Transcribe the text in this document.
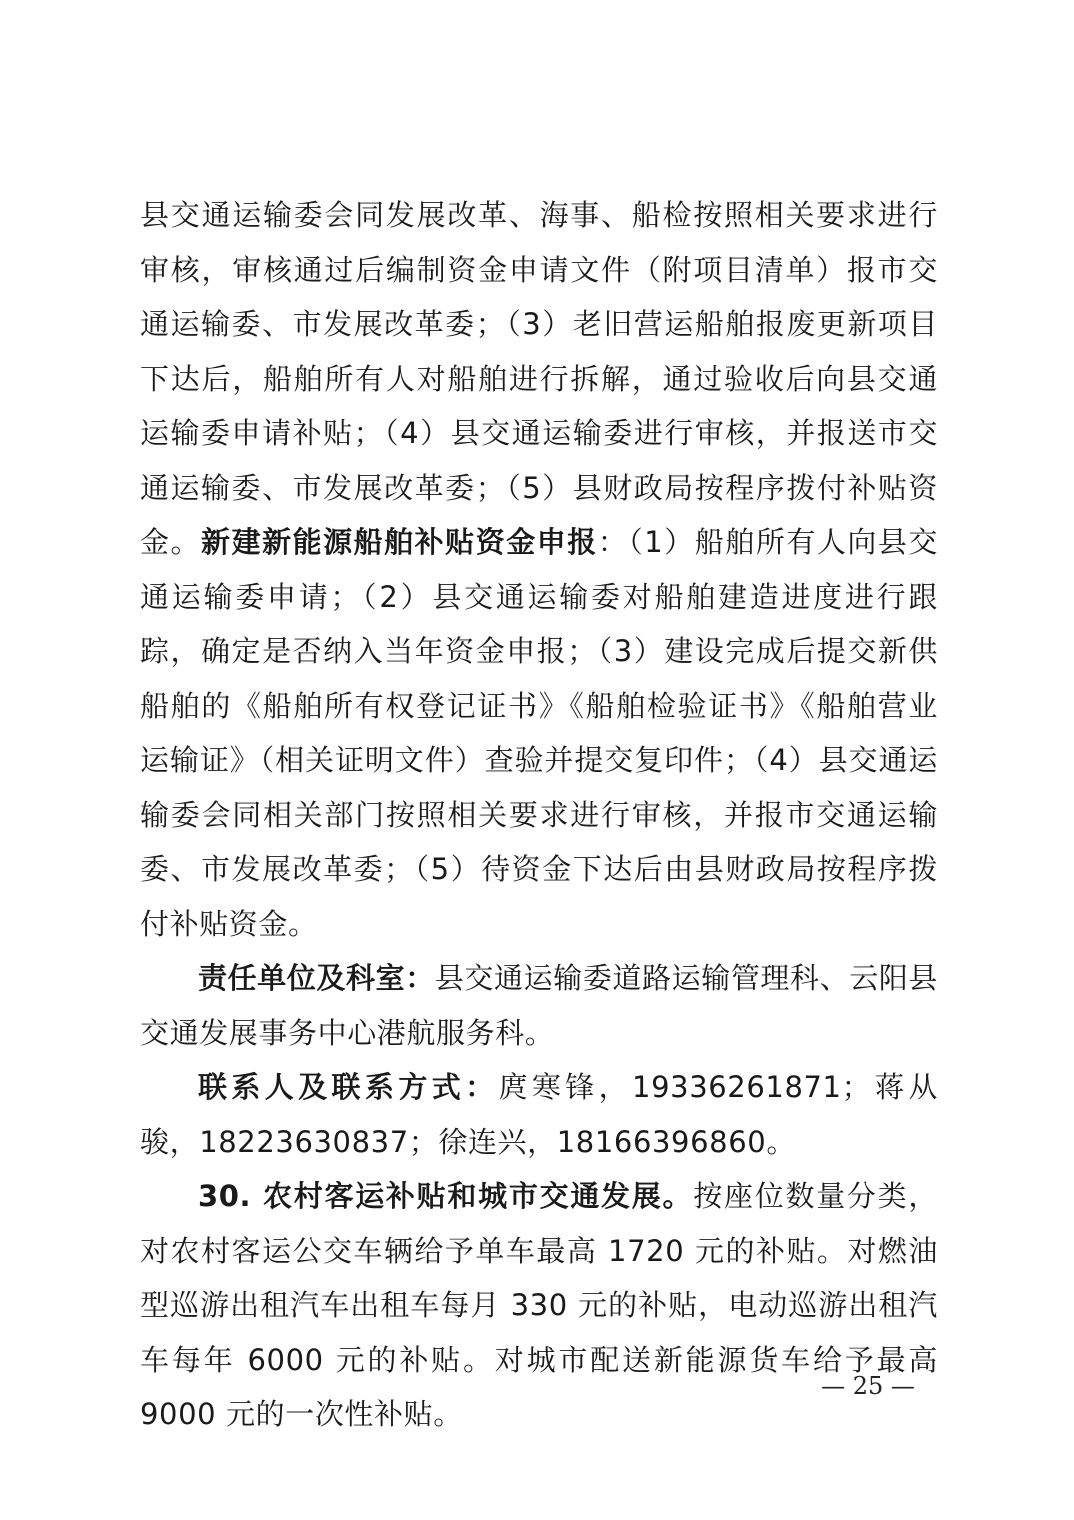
县交通运输委会同发展改革、海事、船检按照相关要求进行审核，审核通过后编制资金申请文件（附项目清单）报市交通运输委、市发展改革委；（3）老旧营运船舶报废更新项目下达后，船舶所有人对船舶进行拆解，通过验收后向县交通运输委申请补贴；（4）县交通运输委进行审核，并报送市交通运输委、市发展改革委；（5）县财政局按程序拨付补贴资金。新建新能源船舶补贴资金申报：（1）船舶所有人向县交通运输委申请；（2）县交通运输委对船舶建造进度进行跟踪，确定是否纳入当年资金申报；（3）建设完成后提交新供船舶的《船舶所有权登记证书》《船舶检验证书》《船舶营业运输证》（相关证明文件）查验并提交复印件；（4）县交通运输委会同相关部门按照相关要求进行审核，并报市交通运输委、市发展改革委；（5）待资金下达后由县财政局按程序拨付补贴资金。

责任单位及科室：县交通运输委道路运输管理科、云阳县交通发展事务中心港航服务科。

联系人及联系方式：庹寒锋，19336261871；蒋从骏，18223630837；徐连兴，18166396860。

30. 农村客运补贴和城市交通发展。按座位数量分类，对农村客运公交车辆给予单车最高 1720 元的补贴。对燃油型巡游出租汽车出租车每月 330 元的补贴，电动巡游出租汽车每年 6000 元的补贴。对城市配送新能源货车给予最高 9000 元的一次性补贴。

— 25 —
